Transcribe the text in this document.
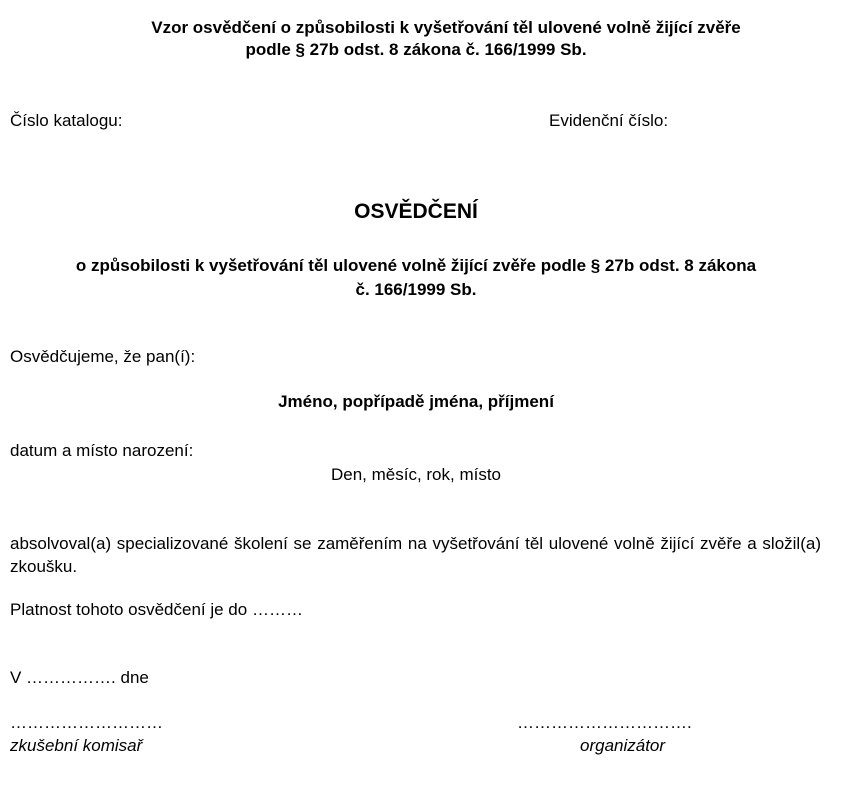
Vzor osvědčení o způsobilosti k vyšetřování těl ulovené volně žijící zvěře
podle § 27b odst. 8 zákona č. 166/1999 Sb.
Číslo katalogu:	Evidenční číslo:
OSVĚDČENÍ
o způsobilosti k vyšetřování těl ulovené volně žijící zvěře podle § 27b odst. 8 zákona
č. 166/1999 Sb.
Osvědčujeme, že pan(í):
Jméno, popřípadě jména, příjmení
datum a místo narození:
Den, měsíc, rok, místo
absolvoval(a) specializované školení se zaměřením na vyšetřování těl ulovené volně žijící zvěře a složil(a) zkoušku.
Platnost tohoto osvědčení je do ………
V ……………. dne
………………………	………………………….
zkušební komisař	organizátor
